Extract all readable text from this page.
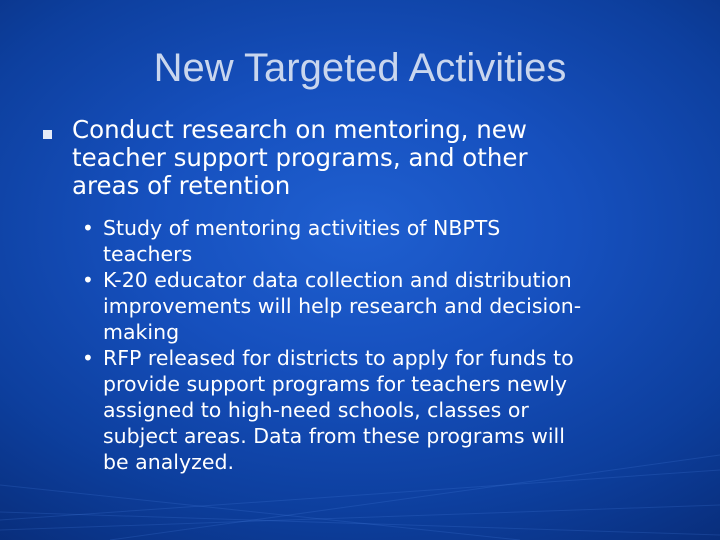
New Targeted Activities

Conduct research on mentoring, new
teacher support programs, and other
areas of retention

• Study of mentoring activities of NBPTS
teachers
• K-20 educator data collection and distribution
improvements will help research and decision-
making
• RFP released for districts to apply for funds to
provide support programs for teachers newly
assigned to high-need schools, classes or
subject areas. Data from these programs will
be analyzed.
